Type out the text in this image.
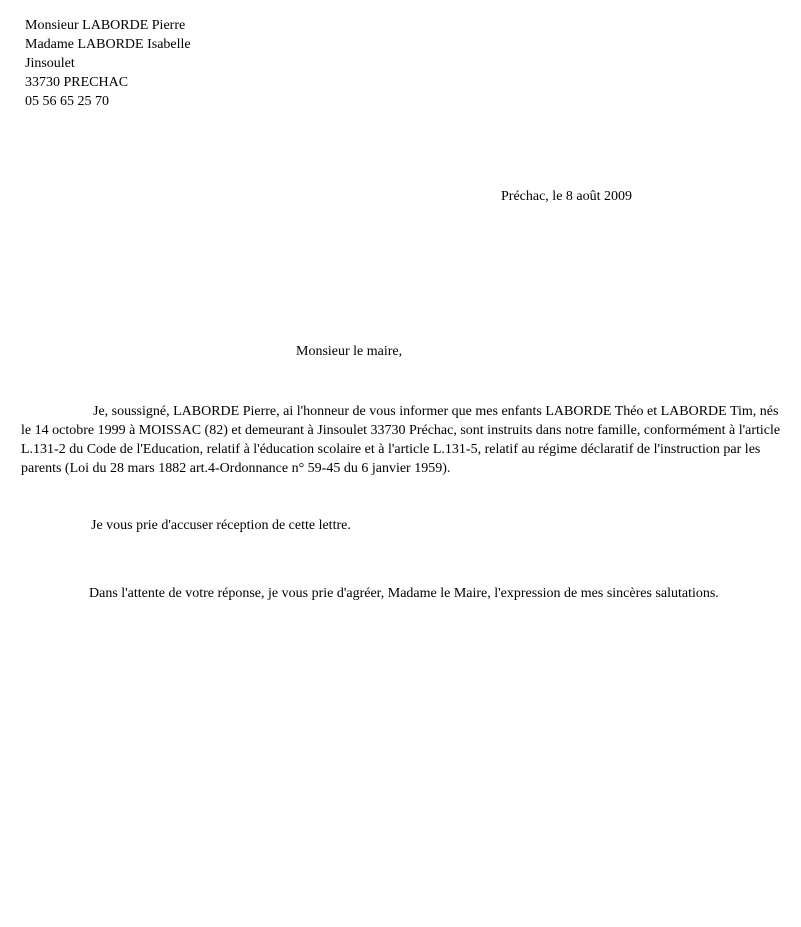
Monsieur LABORDE Pierre
Madame LABORDE Isabelle
Jinsoulet
33730 PRECHAC
05 56 65 25 70
Préchac, le 8 août 2009
Monsieur le maire,
Je, soussigné, LABORDE Pierre, ai l'honneur de vous informer que mes enfants LABORDE Théo et LABORDE Tim, nés le 14 octobre 1999 à MOISSAC (82) et demeurant à Jinsoulet 33730 Préchac, sont instruits dans notre famille, conformément à l'article L.131-2 du Code de l'Education, relatif à l'éducation scolaire et à l'article L.131-5, relatif au régime déclaratif de l'instruction par les parents (Loi du 28 mars 1882 art.4-Ordonnance n° 59-45 du 6 janvier 1959).
Je vous prie d'accuser réception de cette lettre.
Dans l'attente de votre réponse, je vous prie d'agréer, Madame le Maire, l'expression de mes sincères salutations.
